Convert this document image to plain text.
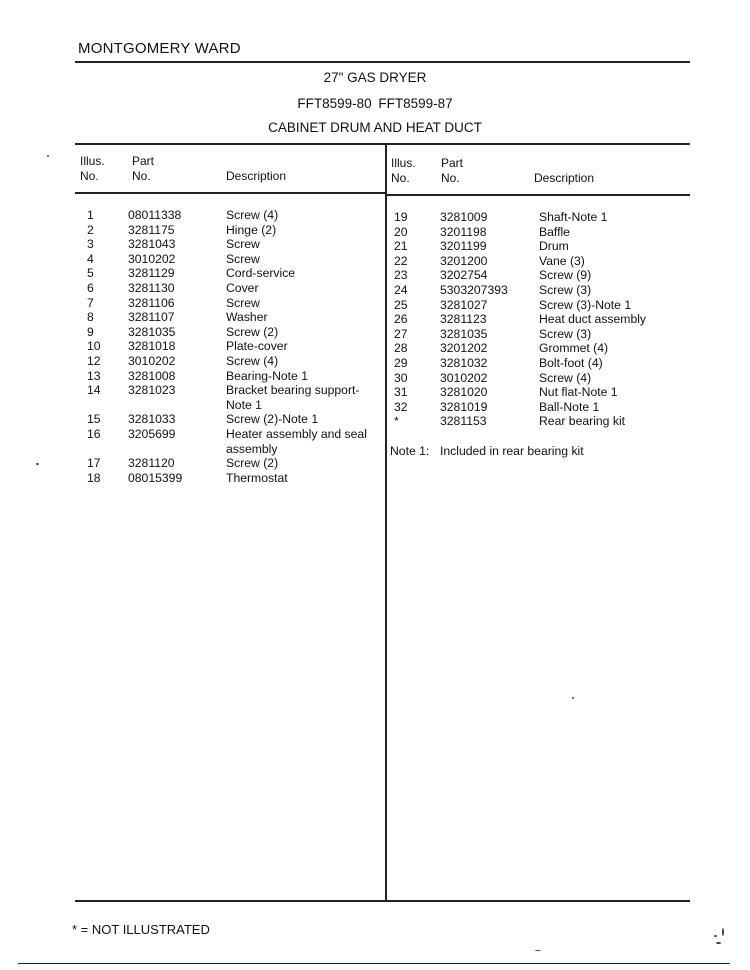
MONTGOMERY WARD
27" GAS DRYER
FFT8599-80 FFT8599-87
CABINET DRUM AND HEAT DUCT
Illus.
No.
Part
No.	Description
Illus.
No.
Part
No.	Description
1	08011338	Screw (4)
2	3281175	Hinge (2)
3	3281043	Screw
4	3010202	Screw
5	3281129	Cord-service
6	3281130	Cover
7	3281106	Screw
8	3281107	Washer
9	3281035	Screw (2)
10 3281018	Plate-cover
12 3010202	Screw (4)
13 3281008	Bearing-Note 1
14 3281023	Bracket bearing support-
Note 1
15 3281033	Screw (2)-Note 1
16 3205699	Heater assembly and seal
assembly
17 3281120	Screw (2)
18 08015399	Thermostat
19	3281009	Shaft-Note 1
20	3201198	Baffle
21	3201199	Drum
22	3201200	Vane (3)
23	3202754	Screw (9)
24	5303207393	Screw (3)
25	3281027	Screw (3)-Note 1
26	3281123	Heat duct assembly
27	3281035	Screw (3)
28	3201202	Grommet (4)
29	3281032	Bolt-foot (4)
30	3010202	Screw (4)
31	3281020	Nut flat-Note 1
32	3281019	Ball-Note 1
*	3281153	Rear bearing kit
Note 1: Included in rear bearing kit
* = NOT ILLUSTRATED
